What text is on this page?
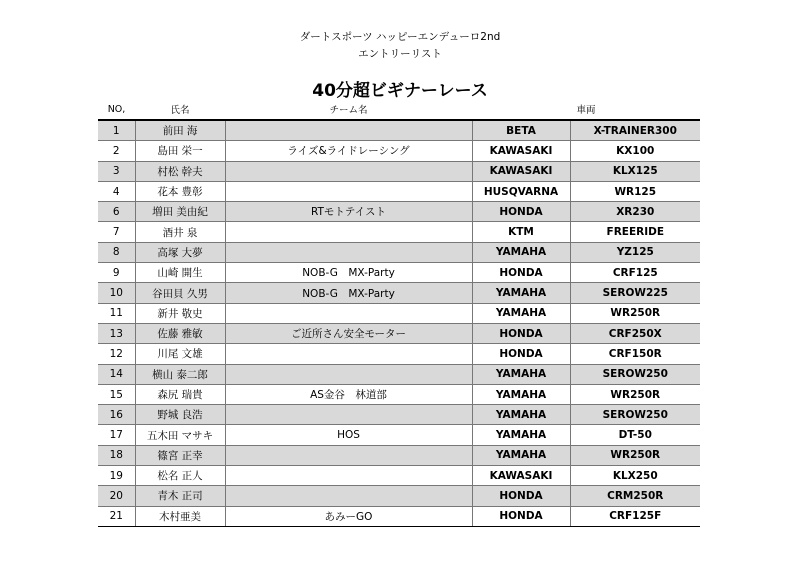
ダートスポーツ ハッピーエンデューロ2nd
エントリーリスト
40分超ビギナーレース
NO,	氏名	チーム名	車両	
1	前田 海		BETA	X-TRAINER300
2	島田 栄一	ライズ&ライドレーシング	KAWASAKI	KX100
3	村松 幹夫		KAWASAKI	KLX125
4	花本 豊彰		HUSQVARNA	WR125
6	増田 美由紀	RTモトテイスト	HONDA	XR230
7	酒井 泉		KTM	FREERIDE
8	高塚 大夢		YAMAHA	YZ125
9	山崎 開生	NOB-G　MX-Party	HONDA	CRF125
10	谷田貝 久男	NOB-G　MX-Party	YAMAHA	SEROW225
11	新井 敬史		YAMAHA	WR250R
13	佐藤 雅敏	ご近所さん安全モーター	HONDA	CRF250X
12	川尾 文雄		HONDA	CRF150R
14	横山 泰二郎		YAMAHA	SEROW250
15	森尻 瑞貴	AS金谷　林道部	YAMAHA	WR250R
16	野城 良浩		YAMAHA	SEROW250
17	五木田 マサキ	HOS	YAMAHA	DT-50
18	篠宮 正幸		YAMAHA	WR250R
19	松名 正人		KAWASAKI	KLX250
20	青木 正司		HONDA	CRM250R
21	木村亜美	あみーGO	HONDA	CRF125F
